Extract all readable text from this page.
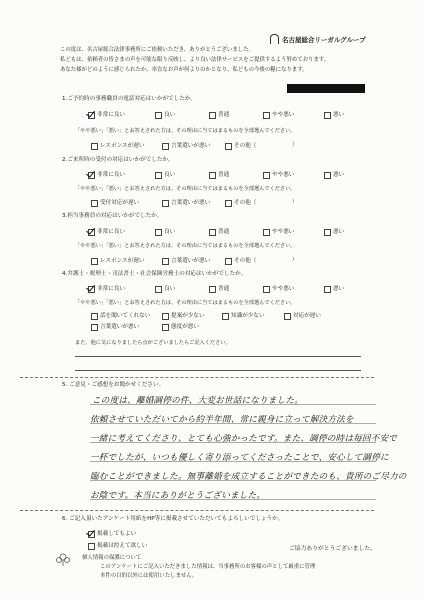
名古屋総合リーガルグループ
この度は、名古屋総合法律事務所にご依頼いただき、ありがとうございました。
私どもは、依頼者の皆さまの声を可能な限り反映し、より良い法律サービスをご提供するよう努めております。
あなた様がどのように感じられたか、率直なお声が何よりのかとなり、私どもの今後の糧になります。
1.ご予約時の事務職員の電話対応はいかがでしたか。
非常に良い	良い	普通	やや悪い	悪い
「やや悪い」「悪い」とお答えされた方は、その理由に当てはまるものを全部選んでください。
レスポンスが遅い	言葉遣いが悪い	その他（	）
2.ご来所時の受付の対応はいかがでしたか。
非常に良い	良い	普通	やや悪い	悪い
「やや悪い」「悪い」とお答えされた方は、その理由に当てはまるものを全部選んでください。
受付対応が遅い	言葉遣いが悪い	その他（	）
3.担当事務員の対応はいかがでしたか。
非常に良い	良い	普通	やや悪い	悪い
「やや悪い」「悪い」とお答えされた方は、その理由に当てはまるものを全部選んでください。
レスポンスが遅い	言葉遣いが悪い	その他（	）
4.弁護士・税理士・司法書士・社会保険労務士の対応はいかがでしたか。
非常に良い	良い	普通	やや悪い	悪い
「やや悪い」「悪い」とお答えされた方は、その理由に当てはまるものを全部選んでください。
話を聞いてくれない	提案が少ない	知識が少ない	対応が遅い
言葉遣いが悪い	態度が悪い
また、他に気になりましたら点がございましたらご記入ください。
5. ご意見・ご感想をお聞かせください。
この度は、離婚調停の件、大変お世話になりました。
依頼させていただいてから約半年間、常に親身に立って解決方法を
一緒に考えてくださり、とても心強かったです。また、調停の時は毎回不安で
一杯でしたが、いつも優しく寄り添ってくださったことで、安心して調停に
臨むことができました。無事離婚を成立することができたのも、貴所のご尽力の
お陰です。本当にありがとうございました。
6. ご記入頂いたアンケート用紙をHP等に掲載させていただいてもよろしいでしょうか。
掲載してもよい
掲載は控えて欲しい
ご協力ありがとうございました。
個人情報の保護について
このアンケートにご記入いただきました情報は、当事務所のお客様の声として厳重に管理
本件の目的以外には使用いたしません。
